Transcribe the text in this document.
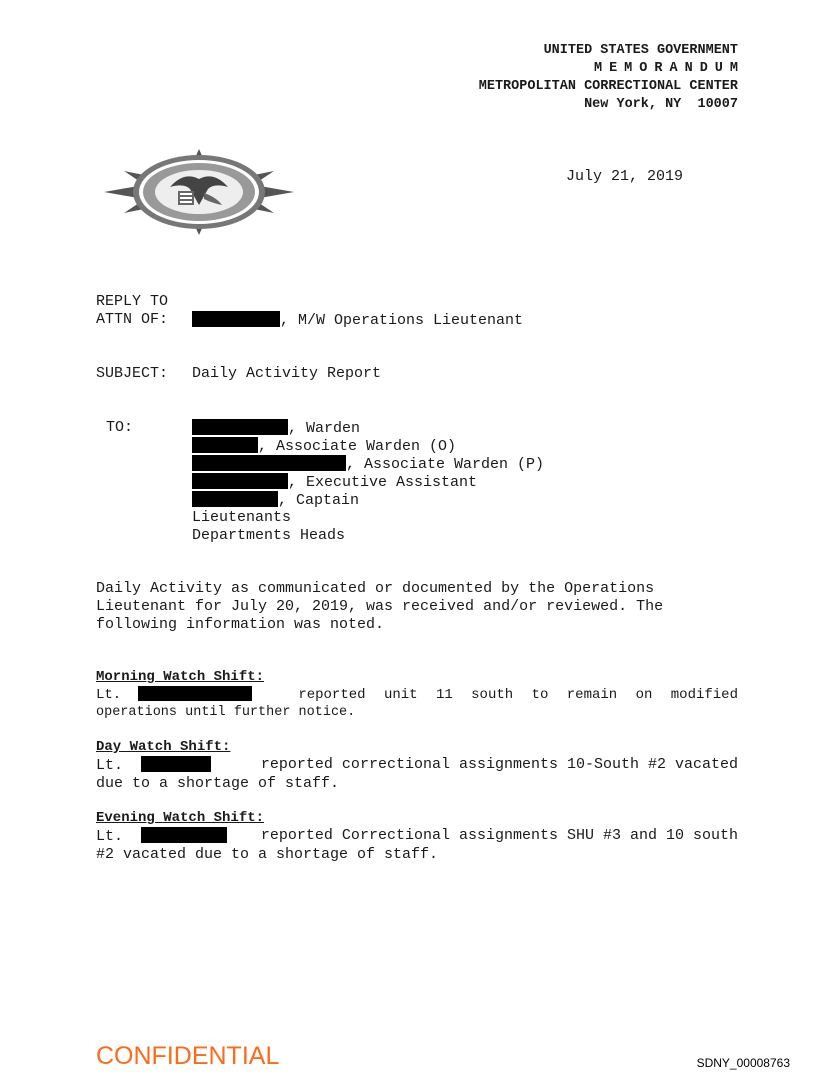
UNITED STATES GOVERNMENT
MEMORANDUM
METROPOLITAN CORRECTIONAL CENTER
New York, NY  10007

July 21, 2019
REPLY TO
ATTN OF:	, M/W Operations Lieutenant
SUBJECT: Daily Activity Report
TO:	, Warden
, Associate Warden (O)
, Associate Warden (P)
, Executive Assistant
, Captain
Lieutenants
Departments Heads
Daily Activity as communicated or documented by the Operations
Lieutenant for July 20, 2019, was received and/or reviewed. The
following information was noted.
Morning Watch Shift:
Lt.	reported unit 11 south to remain on modified
operations until further notice.
Day Watch Shift:
Lt.	reported correctional assignments 10-South #2 vacated
due to a shortage of staff.
Evening Watch Shift:
Lt.	reported Correctional assignments SHU #3 and 10 south
#2 vacated due to a shortage of staff.
CONFIDENTIAL	SDNY_00008763
